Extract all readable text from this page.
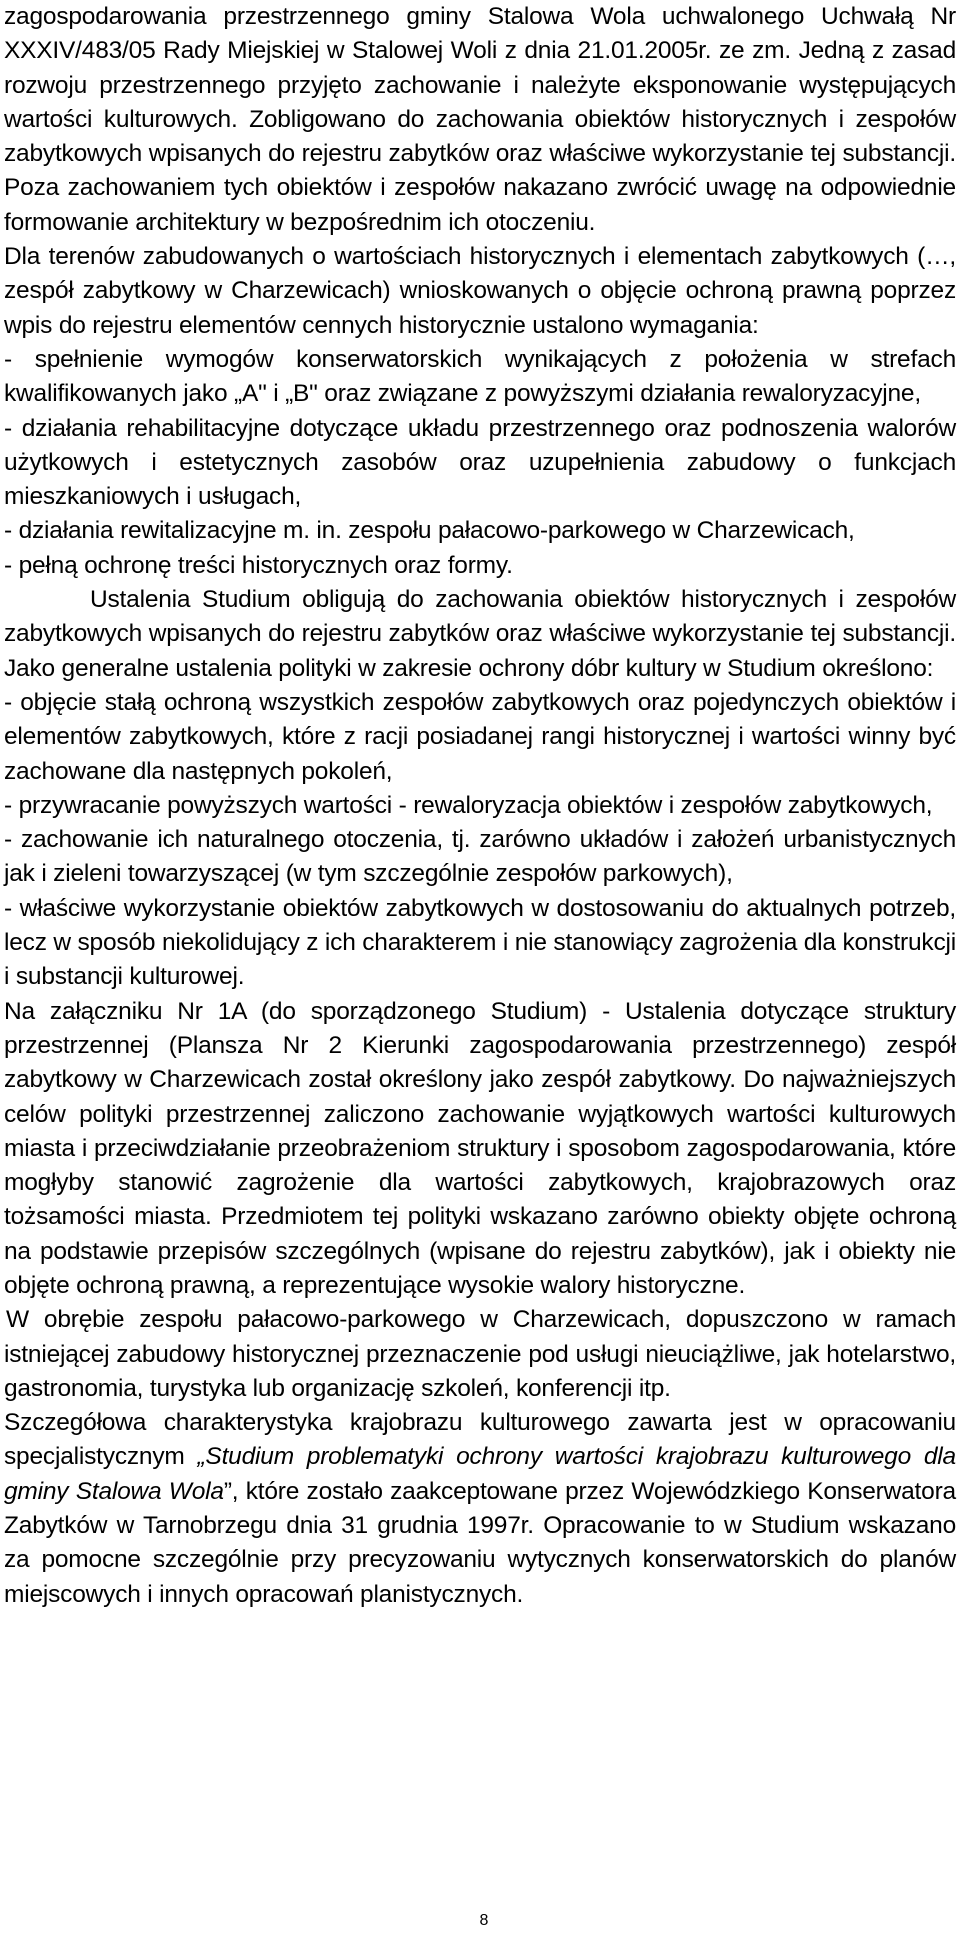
zagospodarowania przestrzennego gminy Stalowa Wola uchwalonego Uchwałą Nr XXXIV/483/05 Rady Miejskiej w Stalowej Woli z dnia 21.01.2005r. ze zm. Jedną z zasad rozwoju przestrzennego przyjęto zachowanie i należyte eksponowanie występujących wartości kulturowych. Zobligowano do zachowania obiektów historycznych i zespołów zabytkowych wpisanych do rejestru zabytków oraz właściwe wykorzystanie tej substancji. Poza zachowaniem tych obiektów i zespołów nakazano zwrócić uwagę na odpowiednie formowanie architektury w bezpośrednim ich otoczeniu.

Dla terenów zabudowanych o wartościach historycznych i elementach zabytkowych (…, zespół zabytkowy w Charzewicach) wnioskowanych o objęcie ochroną prawną poprzez wpis do rejestru elementów cennych historycznie ustalono wymagania:

- spełnienie wymogów konserwatorskich wynikających z położenia w strefach kwalifikowanych jako „A" i „B" oraz związane z powyższymi działania rewaloryzacyjne,

- działania rehabilitacyjne dotyczące układu przestrzennego oraz podnoszenia walorów użytkowych i estetycznych zasobów oraz uzupełnienia zabudowy o funkcjach mieszkaniowych i usługach,

- działania rewitalizacyjne m. in. zespołu pałacowo-parkowego w Charzewicach,

- pełną ochronę treści historycznych oraz formy.

Ustalenia Studium obligują do zachowania obiektów historycznych i zespołów zabytkowych wpisanych do rejestru zabytków oraz właściwe wykorzystanie tej substancji. Jako generalne ustalenia polityki w zakresie ochrony dóbr kultury w Studium określono:

- objęcie stałą ochroną wszystkich zespołów zabytkowych oraz pojedynczych obiektów i elementów zabytkowych, które z racji posiadanej rangi historycznej i wartości winny być zachowane dla następnych pokoleń,

- przywracanie powyższych wartości - rewaloryzacja obiektów i zespołów zabytkowych,

- zachowanie ich naturalnego otoczenia, tj. zarówno układów i założeń urbanistycznych jak i zieleni towarzyszącej (w tym szczególnie zespołów parkowych),

- właściwe wykorzystanie obiektów zabytkowych w dostosowaniu do aktualnych potrzeb, lecz w sposób niekolidujący z ich charakterem i nie stanowiący zagrożenia dla konstrukcji i substancji kulturowej.

Na załączniku Nr 1A (do sporządzonego Studium) - Ustalenia dotyczące struktury przestrzennej (Plansza Nr 2 Kierunki zagospodarowania przestrzennego) zespół zabytkowy w Charzewicach został określony jako zespół zabytkowy. Do najważniejszych celów polityki przestrzennej zaliczono zachowanie wyjątkowych wartości kulturowych miasta i przeciwdziałanie przeobrażeniom struktury i sposobom zagospodarowania, które mogłyby stanowić zagrożenie dla wartości zabytkowych, krajobrazowych oraz tożsamości miasta. Przedmiotem tej polityki wskazano zarówno obiekty objęte ochroną na podstawie przepisów szczególnych (wpisane do rejestru zabytków), jak i obiekty nie objęte ochroną prawną, a reprezentujące wysokie walory historyczne.

W obrębie zespołu pałacowo-parkowego w Charzewicach, dopuszczono w ramach istniejącej zabudowy historycznej przeznaczenie pod usługi nieuciążliwe, jak hotelarstwo, gastronomia, turystyka lub organizację szkoleń, konferencji itp.

Szczegółowa charakterystyka krajobrazu kulturowego zawarta jest w opracowaniu specjalistycznym „Studium problematyki ochrony wartości krajobrazu kulturowego dla gminy Stalowa Wola”, które zostało zaakceptowane przez Wojewódzkiego Konserwatora Zabytków w Tarnobrzegu dnia 31 grudnia 1997r. Opracowanie to w Studium wskazano za pomocne szczególnie przy precyzowaniu wytycznych konserwatorskich do planów miejscowych i innych opracowań planistycznych.

8
